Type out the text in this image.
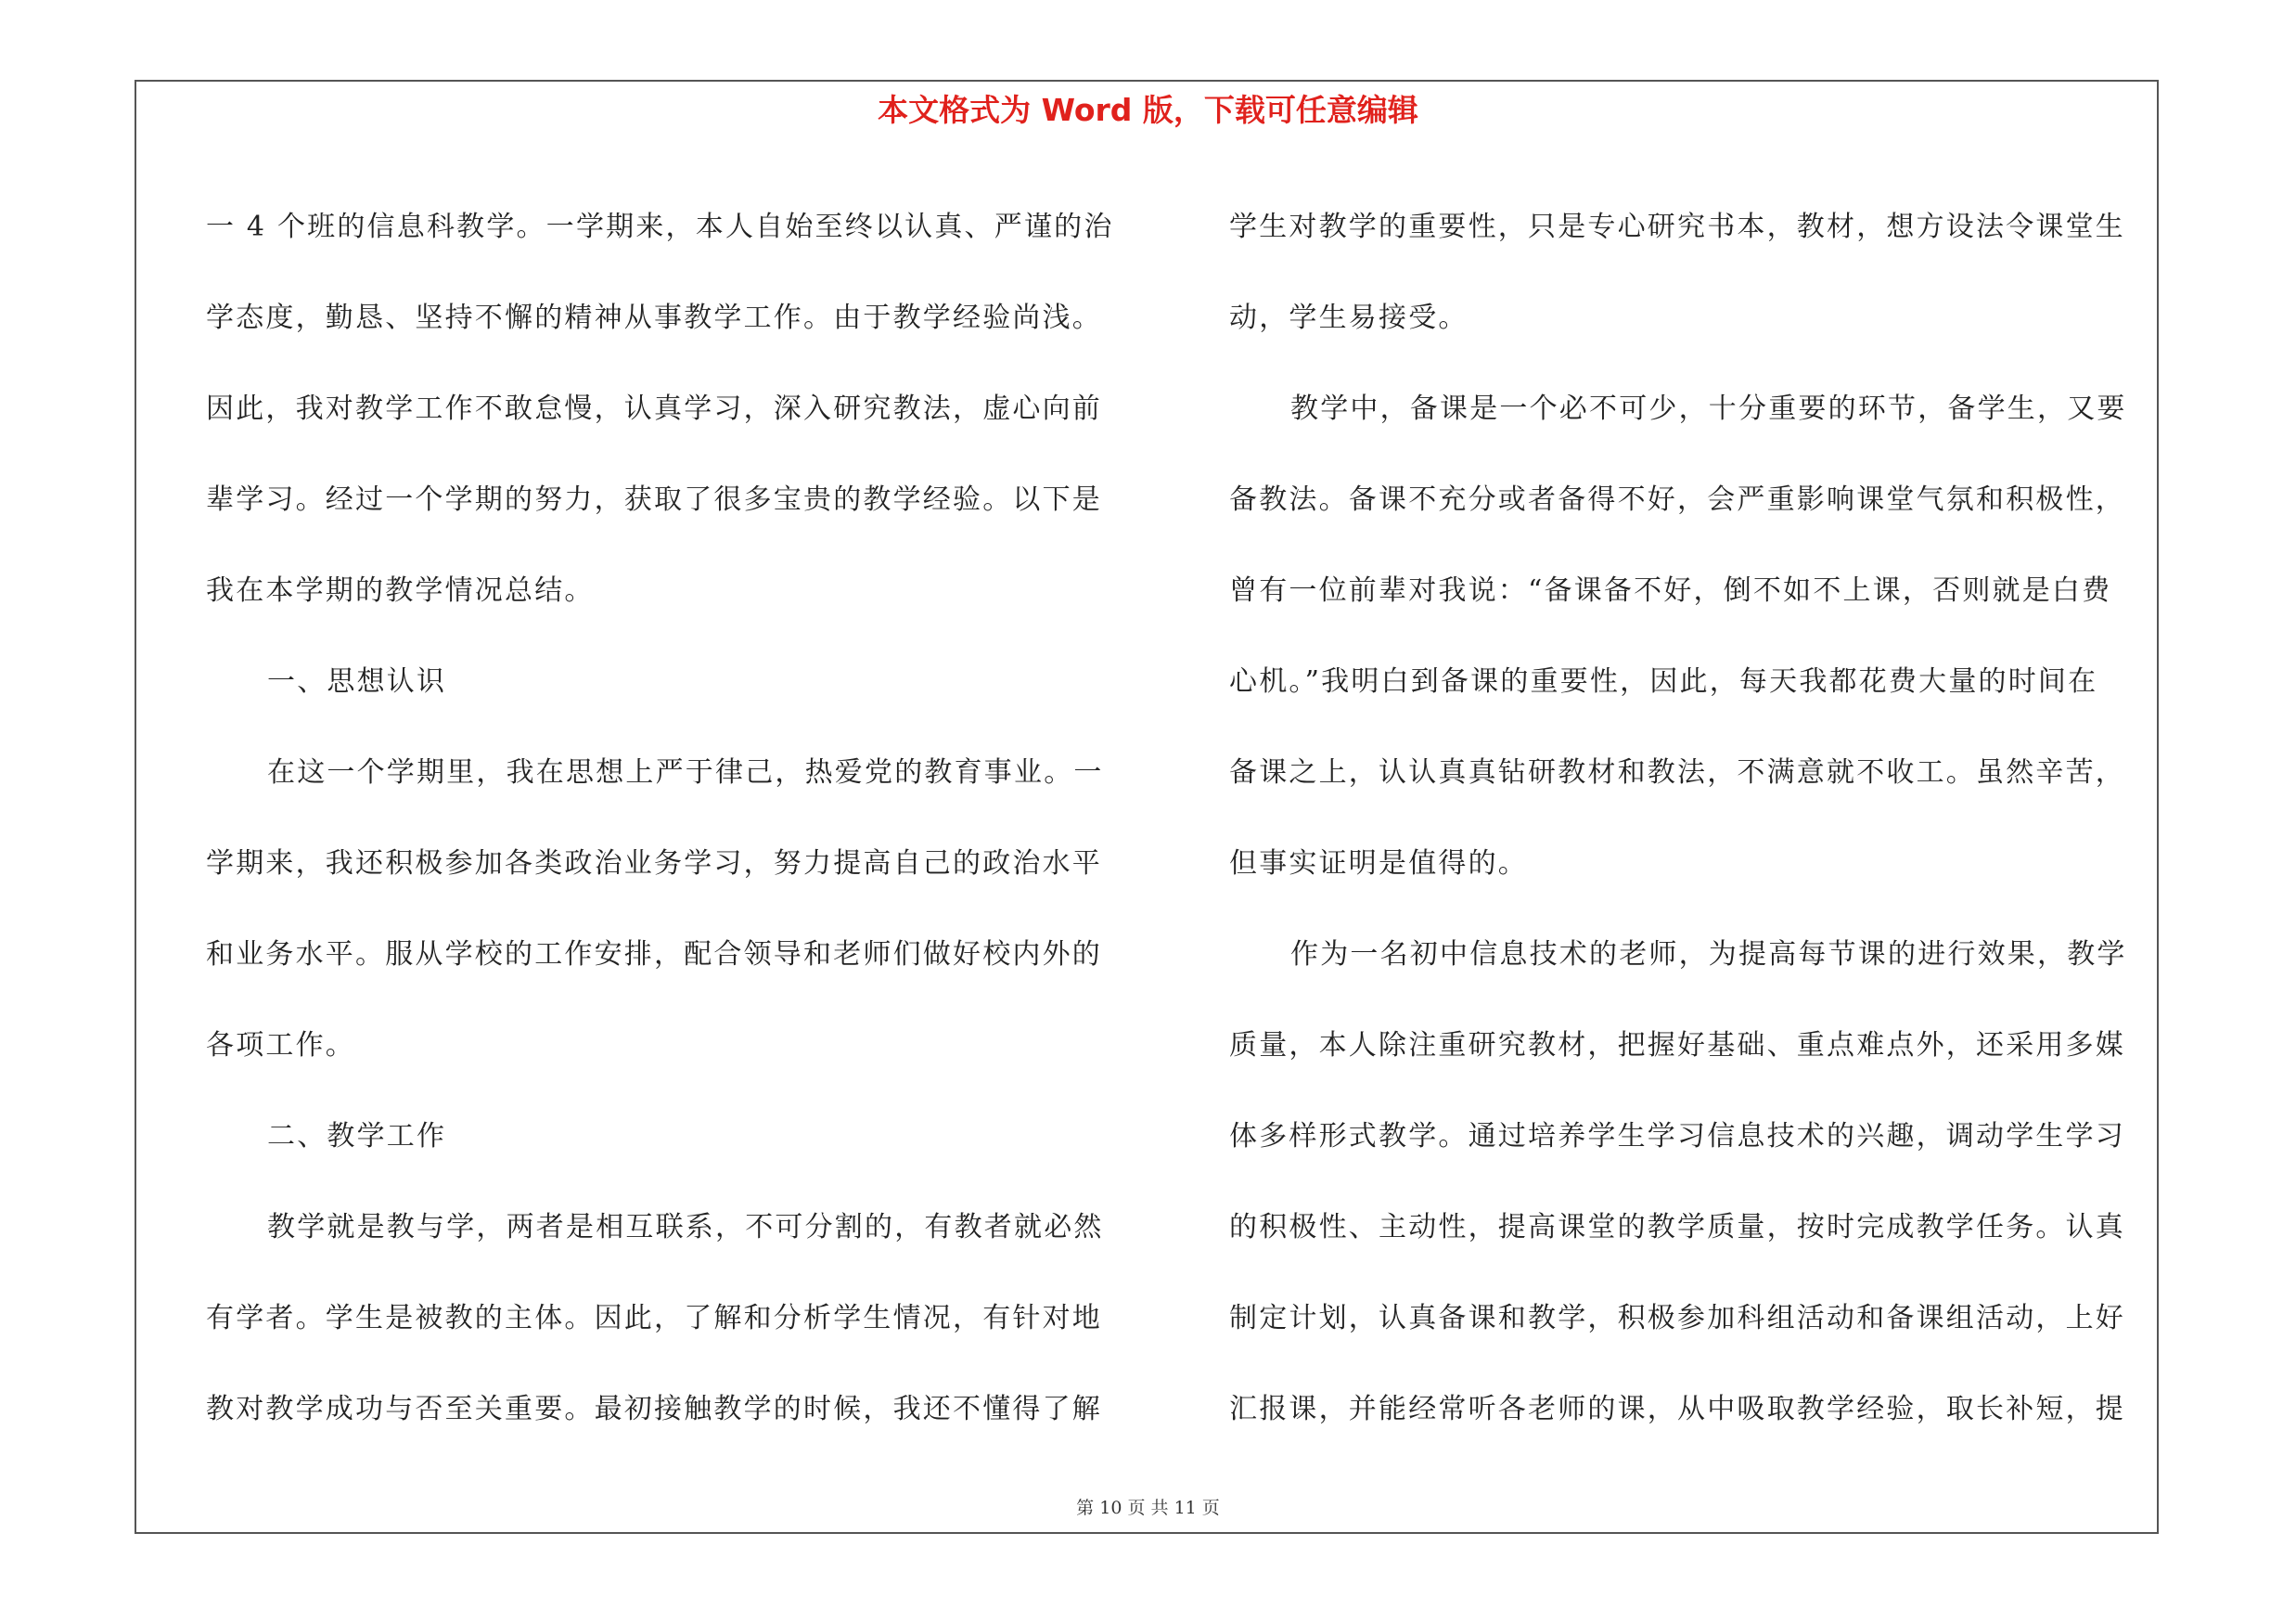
本文格式为 Word 版，下载可任意编辑
一 4 个班的信息科教学。一学期来，本人自始至终以认真、严谨的治
学态度，勤恳、坚持不懈的精神从事教学工作。由于教学经验尚浅。
因此，我对教学工作不敢怠慢，认真学习，深入研究教法，虚心向前
辈学习。经过一个学期的努力，获取了很多宝贵的教学经验。以下是
我在本学期的教学情况总结。
一、思想认识
在这一个学期里，我在思想上严于律己，热爱党的教育事业。一
学期来，我还积极参加各类政治业务学习，努力提高自己的政治水平
和业务水平。服从学校的工作安排，配合领导和老师们做好校内外的
各项工作。
二、教学工作
教学就是教与学，两者是相互联系，不可分割的，有教者就必然
有学者。学生是被教的主体。因此，了解和分析学生情况，有针对地
教对教学成功与否至关重要。最初接触教学的时候，我还不懂得了解
学生对教学的重要性，只是专心研究书本，教材，想方设法令课堂生
动，学生易接受。
教学中，备课是一个必不可少，十分重要的环节，备学生，又要
备教法。备课不充分或者备得不好，会严重影响课堂气氛和积极性，
曾有一位前辈对我说：“备课备不好，倒不如不上课，否则就是白费
心机。”我明白到备课的重要性，因此，每天我都花费大量的时间在
备课之上，认认真真钻研教材和教法，不满意就不收工。虽然辛苦，
但事实证明是值得的。
作为一名初中信息技术的老师，为提高每节课的进行效果，教学
质量，本人除注重研究教材，把握好基础、重点难点外，还采用多媒
体多样形式教学。通过培养学生学习信息技术的兴趣，调动学生学习
的积极性、主动性，提高课堂的教学质量，按时完成教学任务。认真
制定计划，认真备课和教学，积极参加科组活动和备课组活动，上好
汇报课，并能经常听各老师的课，从中吸取教学经验，取长补短，提
第 10 页 共 11 页
